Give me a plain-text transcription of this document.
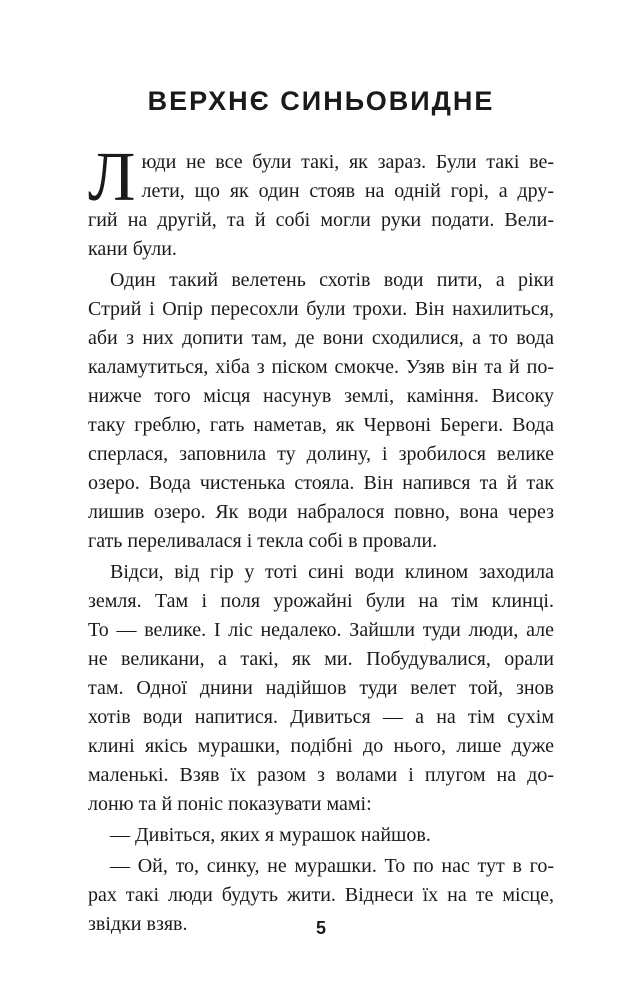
ВЕРХНЄ СИНЬОВИДНЕ
Л юди не все були такі, як зараз. Були такі ве-
лети, що як один стояв на одній горі, а дру-
гий на другій, та й собі могли руки подати. Вели-
кани були.
Один такий велетень схотів води пити, а ріки
Стрий і Опір пересохли були трохи. Він нахилиться,
аби з них допити там, де вони сходилися, а то вода
каламутиться, хіба з піском смокче. Узяв він та й по-
нижче того місця насунув землі, каміння. Високу
таку греблю, гать наметав, як Червоні Береги. Вода
сперлася, заповнила ту долину, і зробилося велике
озеро. Вода чистенька стояла. Він напився та й так
лишив озеро. Як води набралося повно, вона через
гать переливалася і текла собі в провали.
Відси, від гір у тоті сині води клином заходила
земля. Там і поля урожайні були на тім клинці.
То — велике. І ліс недалеко. Зайшли туди люди, але
не великани, а такі, як ми. Побудувалися, орали
там. Одної днини надійшов туди велет той, знов
хотів води напитися. Дивиться — а на тім сухім
клині якісь мурашки, подібні до нього, лише дуже
маленькі. Взяв їх разом з волами і плугом на до-
лоню та й поніс показувати мамі:
— Дивіться, яких я мурашок найшов.
— Ой, то, синку, не мурашки. То по нас тут в го-
рах такі люди будуть жити. Віднеси їх на те місце,
звідки взяв.	5
